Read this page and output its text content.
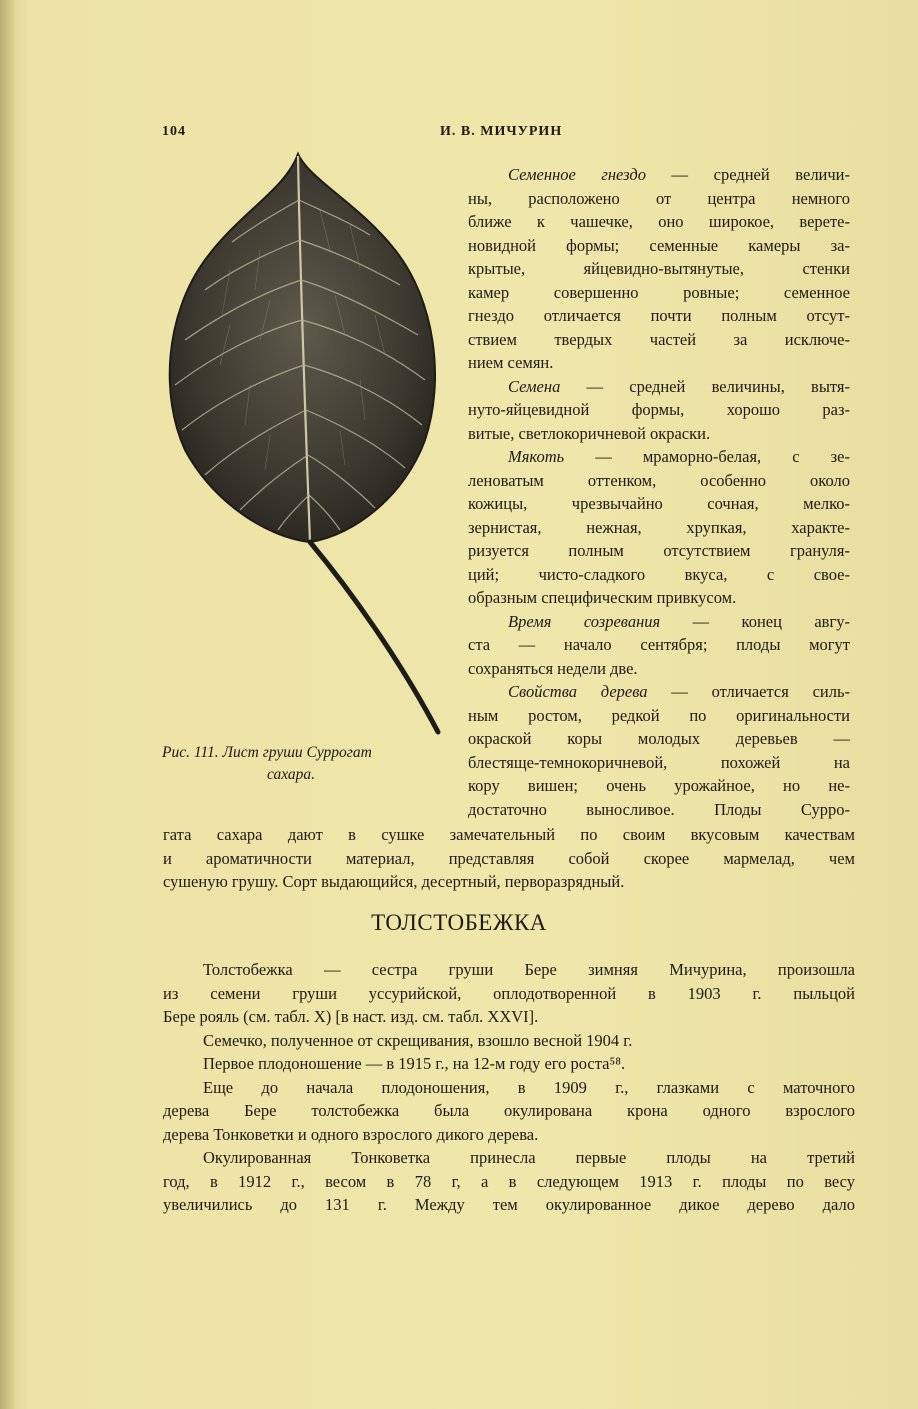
104	И. В. МИЧУРИН
Рис. 111. Лист груши Суррогат
сахара.
Семенное гнездо — средней величи-
ны, расположено от центра немного
ближе к чашечке, оно широкое, верете-
новидной формы; семенные камеры за-
крытые, яйцевидно-вытянутые, стенки
камер совершенно ровные; семенное
гнездо отличается почти полным отсут-
ствием твердых частей за исключе-
нием семян.
Семена — средней величины, вытя-
нуто-яйцевидной формы, хорошо раз-
витые, светлокоричневой окраски.
Мякоть — мраморно-белая, с зе-
леноватым оттенком, особенно около
кожицы, чрезвычайно сочная, мелко-
зернистая, нежная, хрупкая, характе-
ризуется полным отсутствием грануля-
ций; чисто-сладкого вкуса, с свое-
образным специфическим привкусом.
Время созревания — конец авгу-
ста — начало сентября; плоды могут
сохраняться недели две.
Свойства дерева — отличается силь-
ным ростом, редкой по оригинальности
окраской коры молодых деревьев —
блестяще-темнокоричневой, похожей на
кору вишен; очень урожайное, но не-
достаточно выносливое. Плоды Сурро-
гата сахара дают в сушке замечательный по своим вкусовым качествам
и ароматичности материал, представляя собой скорее мармелад, чем
сушеную грушу. Сорт выдающийся, десертный, перворазрядный.
ТОЛСТОБЕЖКА
Толстобежка — сестра груши Бере зимняя Мичурина, произошла
из семени груши уссурийской, оплодотворенной в 1903 г. пыльцой
Бере рояль (см. табл. X) [в наст. изд. см. табл. XXVI].
Семечко, полученное от скрещивания, взошло весной 1904 г.
Первое плодоношение — в 1915 г., на 12-м году его роста⁵⁸.
Еще до начала плодоношения, в 1909 г., глазками с маточного
дерева Бере толстобежка была окулирована крона одного взрослого
дерева Тонковетки и одного взрослого дикого дерева.
Окулированная Тонковетка принесла первые плоды на третий
год, в 1912 г., весом в 78 г, а в следующем 1913 г. плоды по весу
увеличились до 131 г. Между тем окулированное дикое дерево дало
